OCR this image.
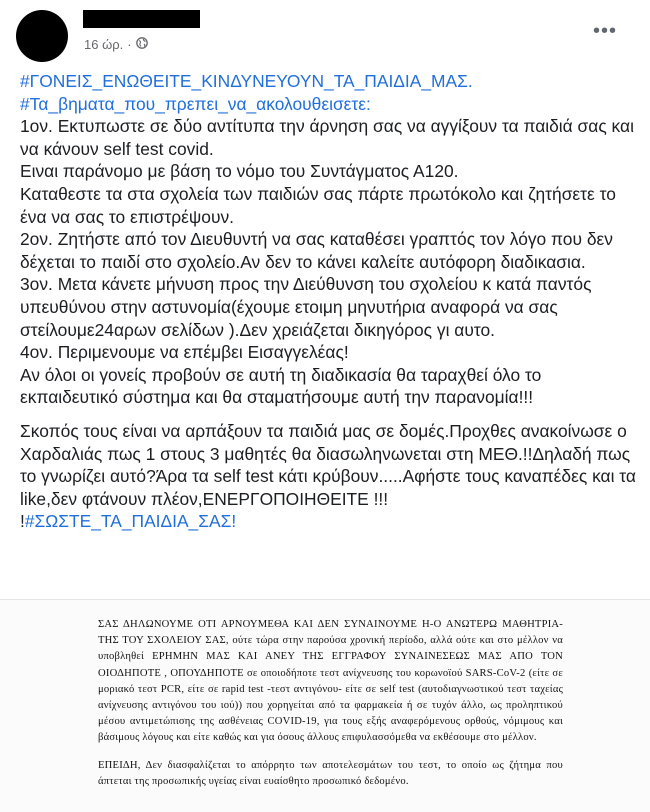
16 ώρ. ·
•••

#ΓΟΝΕΙΣ_ΕΝΩΘΕΙΤΕ_ΚΙΝΔΥΝΕΥΟΥΝ_ΤΑ_ΠΑΙΔΙΑ_ΜΑΣ.

#Τα_βηματα_που_πρεπει_να_ακολουθεισετε:

1ον. Εκτυπωστε σε δύο αντίτυπα την άρνηση σας να αγγίξουν τα παιδιά σας και να κάνουν self test covid.
Ειναι παράνομο με βάση το νόμο του Συντάγματος Α120.
Καταθεστε τα στα σχολεία των παιδιών σας πάρτε πρωτόκολο και ζητήσετε το ένα να σας το επιστρέψουν.
2ον. Ζητήστε από τον Διευθυντή να σας καταθέσει γραπτός τον λόγο που δεν δέχεται το παιδί στο σχολείο.Αν δεν το κάνει καλείτε αυτόφορη διαδικασια.
3ον. Μετα κάνετε μήνυση προς την Διεύθυνση του σχολείου κ κατά παντός υπευθύνου στην αστυνομία(έχουμε ετοιμη μηνυτήρια αναφορά να σας στείλουμε24αρων σελίδων ).Δεν χρειάζεται δικηγόρος γι αυτο.
4ον. Περιμενουμε να επέμβει Εισαγγελέας!
Αν όλοι οι γονείς προβούν σε αυτή τη διαδικασία θα ταραχθεί όλο το εκπαιδευτικό σύστημα και θα σταματήσουμε αυτή την παρανομία!!!

Σκοπός τους είναι να αρπάξουν τα παιδιά μας σε δομές.Προχθες ανακοίνωσε ο Χαρδαλιάς πως 1 στους 3 μαθητές θα διασωληνωνεται στη ΜΕΘ.!!Δηλαδή πως το γνωρίζει αυτό?Άρα τα self test κάτι κρύβουν.....Αφήστε τους καναπέδες και τα like,δεν φτάνουν πλέον,ΕΝΕΡΓΟΠΟΙΗΘΕΙΤΕ !!!

!#ΣΩΣΤΕ_ΤΑ_ΠΑΙΔΙΑ_ΣΑΣ!

ΣΑΣ ΔΗΛΩΝΟΥΜΕ ΟΤΙ ΑΡΝΟΥΜΕΘΑ ΚΑΙ ΔΕΝ ΣΥΝΑΙΝΟΥΜΕ Η-Ο ΑΝΩΤΕΡΩ ΜΑΘΗΤΡΙΑ-ΤΗΣ ΤΟΥ ΣΧΟΛΕΙΟΥ ΣΑΣ, ούτε τώρα στην παρούσα χρονική περίοδο, αλλά ούτε και στο μέλλον να υποβληθεί ΕΡΗΜΗΝ ΜΑΣ ΚΑΙ ΑΝΕΥ ΤΗΣ ΕΓΓΡΑΦΟΥ ΣΥΝΑΙΝΕΣΕΩΣ ΜΑΣ ΑΠΟ ΤΟΝ ΟΙΟΔΗΠΟΤΕ , ΟΠΟΥΔΗΠΟΤΕ σε οποιοδήποτε τεστ ανίχνευσης του κορωνοϊού SARS-CoV-2 (είτε σε μοριακό τεστ PCR, είτε σε rapid test -τεστ αντιγόνου- είτε σε self test (αυτοδιαγνωστικού τεστ ταχείας ανίχνευσης αντιγόνου του ιού)) που χορηγείται από τα φαρμακεία ή σε τυχόν άλλο, ως προληπτικού μέσου αντιμετώπισης της ασθένειας COVID-19, για τους εξής αναφερόμενους ορθούς, νόμιμους και βάσιμους λόγους και είτε καθώς και για όσους άλλους επιφυλασσόμεθα να εκθέσουμε στο μέλλον.

ΕΠΕΙΔΗ, Δεν διασφαλίζεται το απόρρητο των αποτελεσμάτων του τεστ, το οποίο ως ζήτημα που άπτεται της προσωπικής υγείας είναι ευαίσθητο προσωπικό δεδομένο.
